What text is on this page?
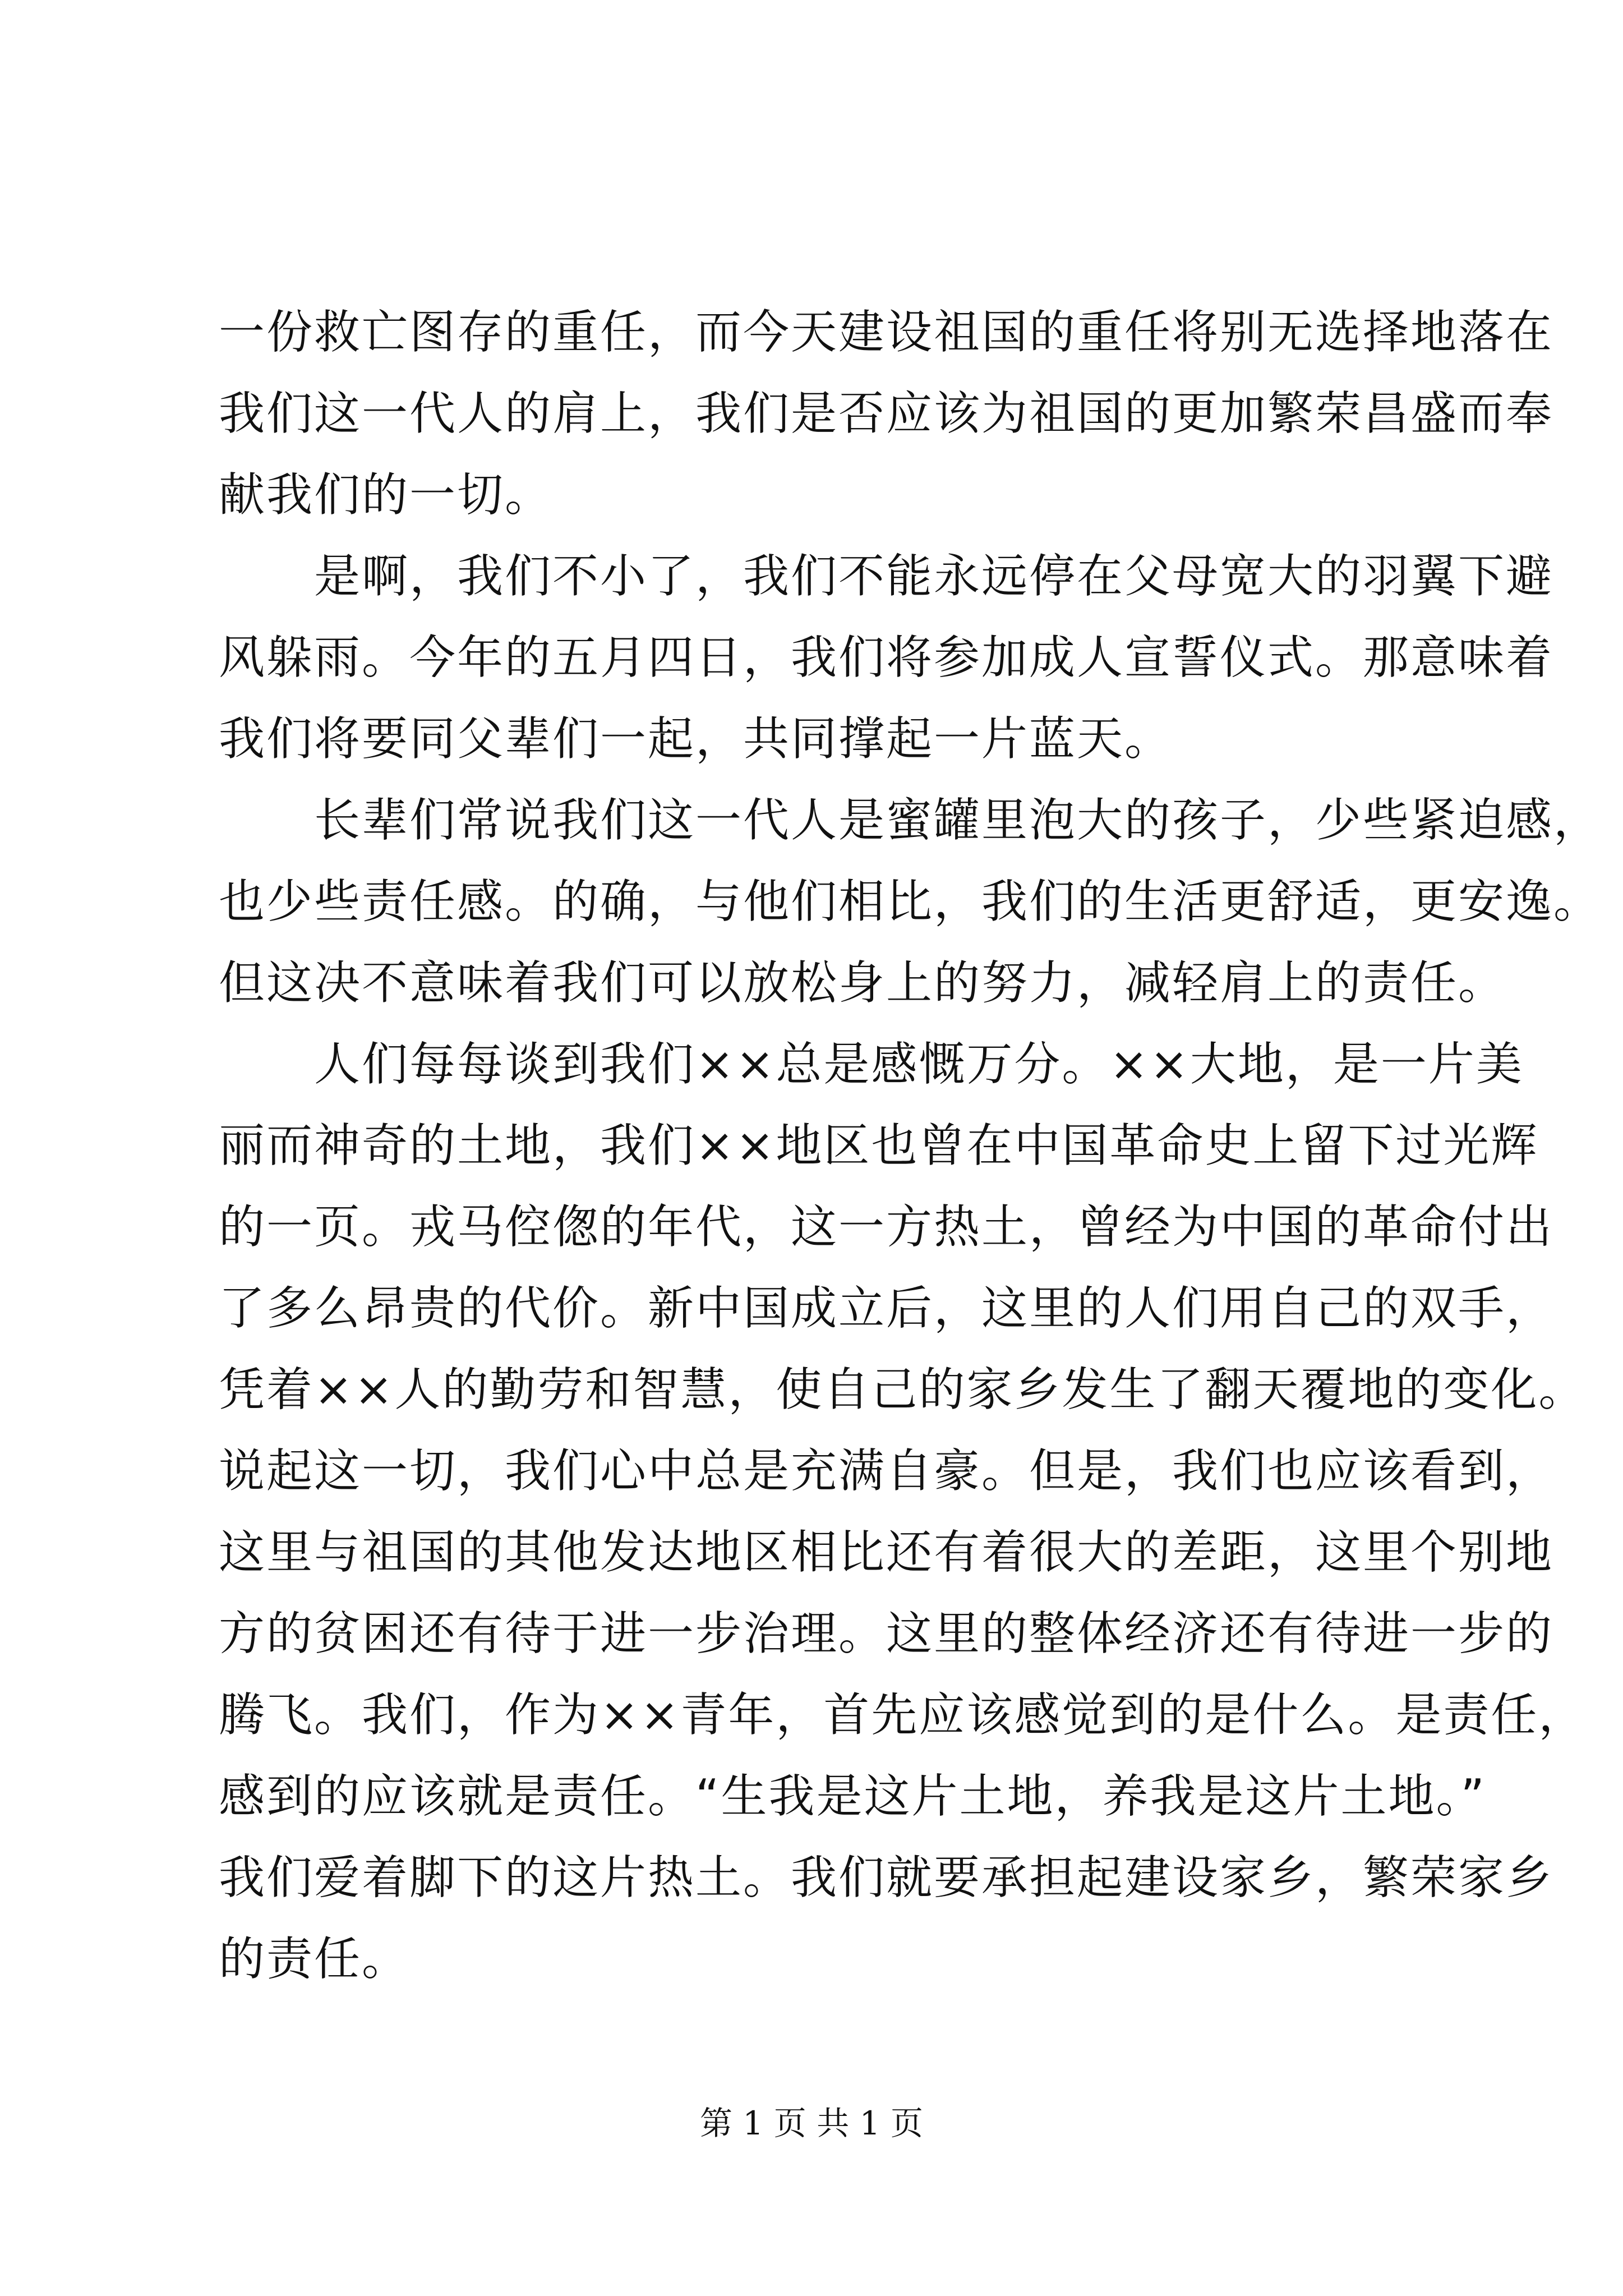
一份救亡图存的重任，而今天建设祖国的重任将别无选择地落在
我们这一代人的肩上，我们是否应该为祖国的更加繁荣昌盛而奉
献我们的一切。
　　是啊，我们不小了，我们不能永远停在父母宽大的羽翼下避
风躲雨。今年的五月四日，我们将参加成人宣誓仪式。那意味着
我们将要同父辈们一起，共同撑起一片蓝天。
　　长辈们常说我们这一代人是蜜罐里泡大的孩子，少些紧迫感，
也少些责任感。的确，与他们相比，我们的生活更舒适，更安逸。
但这决不意味着我们可以放松身上的努力，减轻肩上的责任。
　　人们每每谈到我们××总是感慨万分。××大地，是一片美
丽而神奇的土地，我们××地区也曾在中国革命史上留下过光辉
的一页。戎马倥偬的年代，这一方热土，曾经为中国的革命付出
了多么昂贵的代价。新中国成立后，这里的人们用自己的双手，
凭着××人的勤劳和智慧，使自己的家乡发生了翻天覆地的变化。
说起这一切，我们心中总是充满自豪。但是，我们也应该看到，
这里与祖国的其他发达地区相比还有着很大的差距，这里个别地
方的贫困还有待于进一步治理。这里的整体经济还有待进一步的
腾飞。我们，作为××青年，首先应该感觉到的是什么。是责任，
感到的应该就是责任。“生我是这片土地，养我是这片土地。”
我们爱着脚下的这片热土。我们就要承担起建设家乡，繁荣家乡
的责任。
第 1 页 共 1 页
